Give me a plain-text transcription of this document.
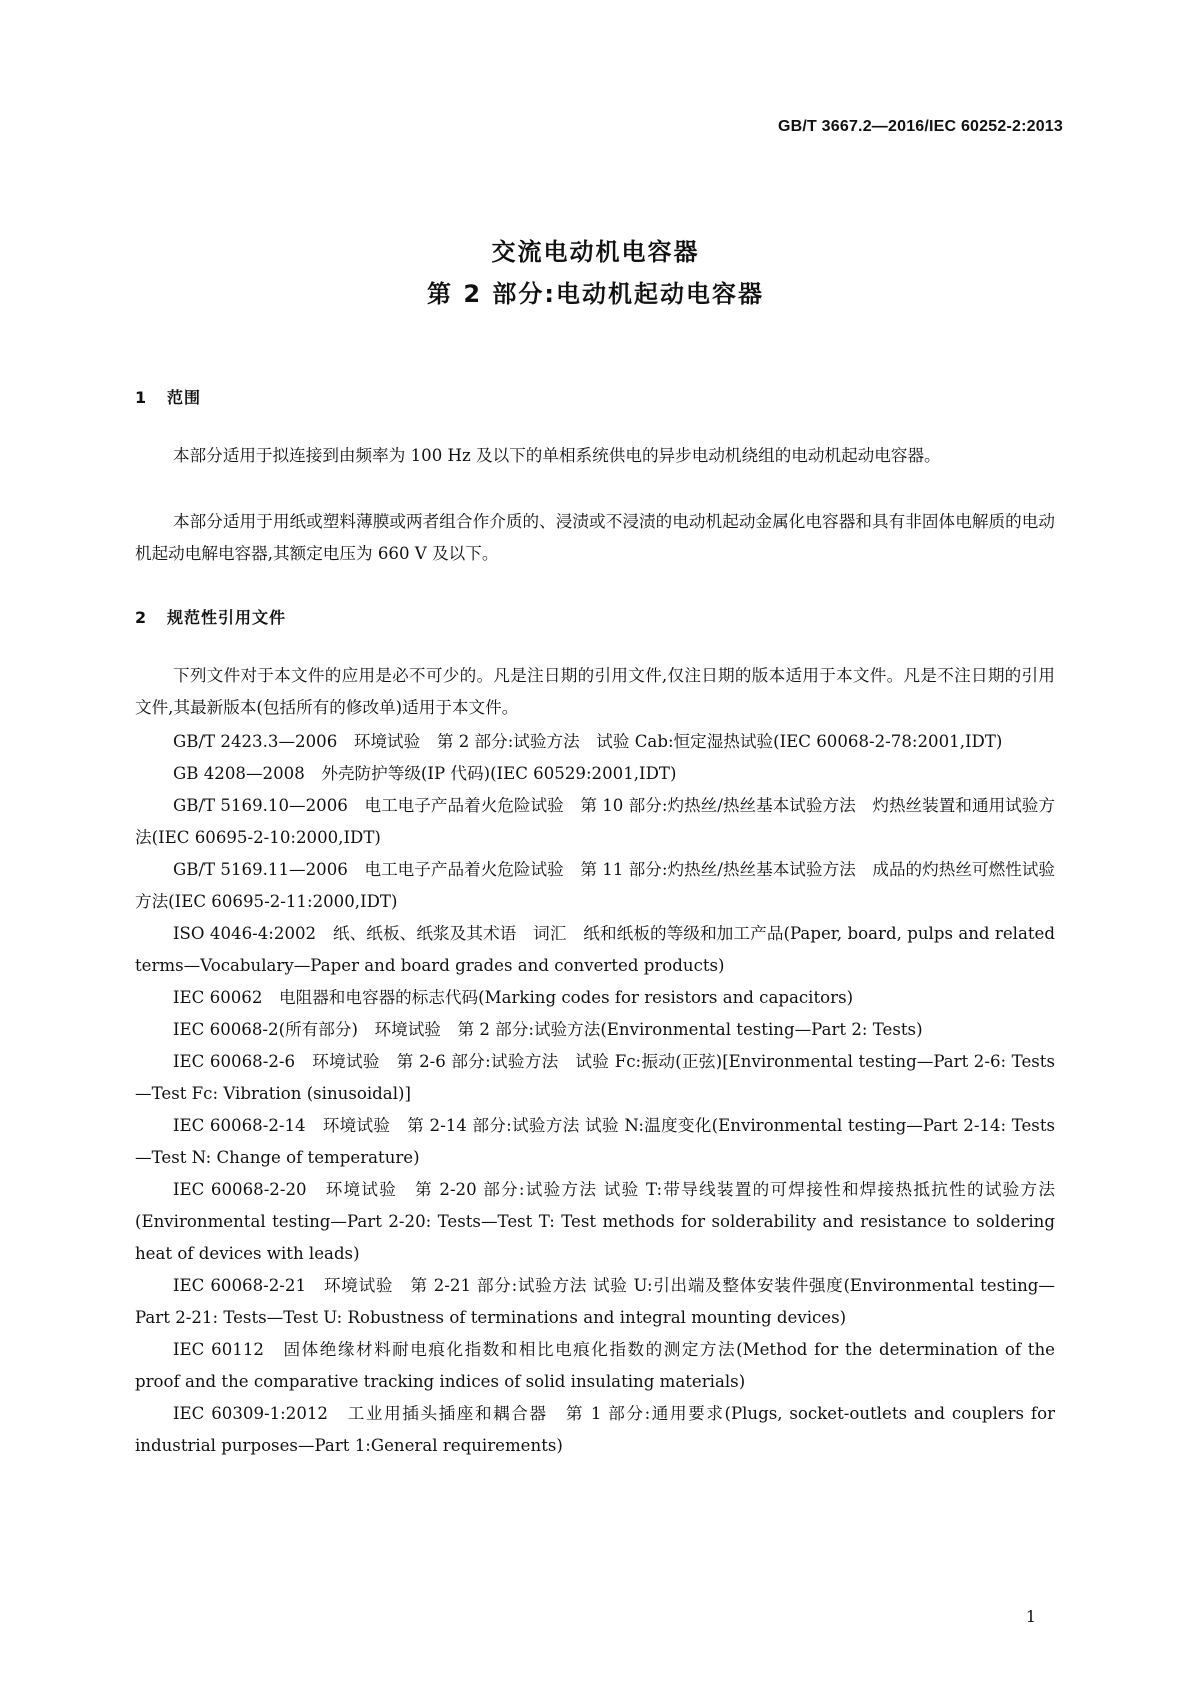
GB/T 3667.2—2016/IEC 60252-2:2013
交流电动机电容器
第 2 部分:电动机起动电容器
1 范围

本部分适用于拟连接到由频率为 100 Hz 及以下的单相系统供电的异步电动机绕组的电动机起动电容器。

本部分适用于用纸或塑料薄膜或两者组合作介质的、浸渍或不浸渍的电动机起动金属化电容器和具有非固体电解质的电动机起动电解电容器,其额定电压为 660 V 及以下。

2 规范性引用文件

下列文件对于本文件的应用是必不可少的。凡是注日期的引用文件,仅注日期的版本适用于本文件。凡是不注日期的引用文件,其最新版本(包括所有的修改单)适用于本文件。

GB/T 2423.3—2006　环境试验　第 2 部分:试验方法　试验 Cab:恒定湿热试验(IEC 60068-2-78:2001,IDT)
GB 4208—2008　外壳防护等级(IP 代码)(IEC 60529:2001,IDT)
GB/T 5169.10—2006　电工电子产品着火危险试验　第 10 部分:灼热丝/热丝基本试验方法　灼热丝装置和通用试验方法(IEC 60695-2-10:2000,IDT)
GB/T 5169.11—2006　电工电子产品着火危险试验　第 11 部分:灼热丝/热丝基本试验方法　成品的灼热丝可燃性试验方法(IEC 60695-2-11:2000,IDT)
ISO 4046-4:2002　纸、纸板、纸浆及其术语　词汇　纸和纸板的等级和加工产品(Paper, board, pulps and related terms—Vocabulary—Paper and board grades and converted products)
IEC 60062　电阻器和电容器的标志代码(Marking codes for resistors and capacitors)
IEC 60068-2(所有部分)　环境试验　第 2 部分:试验方法(Environmental testing—Part 2: Tests)
IEC 60068-2-6　环境试验　第 2-6 部分:试验方法　试验 Fc:振动(正弦)[Environmental testing—Part 2-6: Tests—Test Fc: Vibration (sinusoidal)]
IEC 60068-2-14　环境试验　第 2-14 部分:试验方法 试验 N:温度变化(Environmental testing—Part 2-14: Tests—Test N: Change of temperature)
IEC 60068-2-20　环境试验　第 2-20 部分:试验方法 试验 T:带导线装置的可焊接性和焊接热抵抗性的试验方法(Environmental testing—Part 2-20: Tests—Test T: Test methods for solderability and resistance to soldering heat of devices with leads)
IEC 60068-2-21　环境试验　第 2-21 部分:试验方法 试验 U:引出端及整体安装件强度(Environmental testing—Part 2-21: Tests—Test U: Robustness of terminations and integral mounting devices)
IEC 60112　固体绝缘材料耐电痕化指数和相比电痕化指数的测定方法(Method for the determination of the proof and the comparative tracking indices of solid insulating materials)
IEC 60309-1:2012　工业用插头插座和耦合器　第 1 部分:通用要求(Plugs, socket-outlets and couplers for industrial purposes—Part 1:General requirements)
1
